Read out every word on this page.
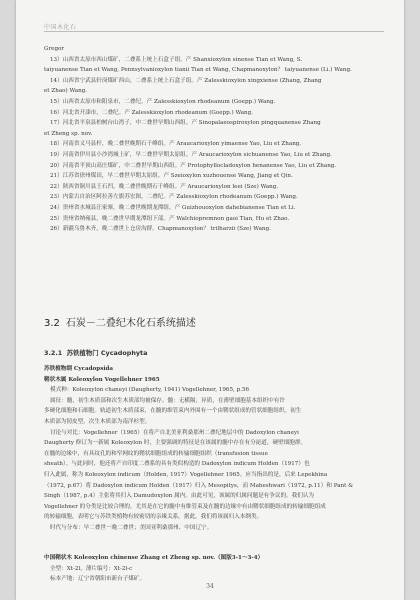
中国木化石
Gregor
13）山西省太原市西山煤矿，二叠系上统上石盒子组。产 Shanxioxylon sinense Tian et Wang, S.
taiyuanense Tian et Wang, Pennsylvanioxylon tianii Tian et Wang, Chapmanoxylon？ taiyuanense (Li.) Wang.
14）山西省宁武县轩岗煤矿西山，二叠系上统上石盒子组。产 Zalesskioxylon xingxiense (Zhang, Zhang
et Zhao) Wang.
15）山西省太原市和阳泉市，二叠纪。产 Zalesskioxylon rhodeanum (Goepp.) Wang.
16）河北省开滦市，二叠纪。产 Zalesskioxylon rhodeanum (Goepp.) Wang.
17）河北省平泉县柏树台山湾子，中二叠世早期山西组。产 Sinopalaeospiroxylon pingquanense Zhang
et Zheng sp. nov.
18）河南省义马县杆，晚二叠世晚期石千峰组。产 Araucarioxylon yimaense Yao, Liu et Zhang.
19）河南省伊川县小沙湾城上矿，早二叠世早期太原组。产 Araucarioxylon sichuanense Yao, Liu et Zhang.
20）河南省平顶山高庄煤矿，中二叠世早期山西组。产 Protophyllocladoxylon henanense Yao, Liu et Zhang.
21）江苏省徐州煤田，早二叠世早期太原组。产 Szeioxylon xuzhouense Wang, Jiang et Qin.
22）陕西省铜川县王石凹，晚二叠世晚期石千峰组。产 Araucarioxylon leei (Sze) Wang.
23）内蒙古自治区阿拉善左旗苏宏图，二叠纪。产 Zalesskioxylon rhodeanum (Goepp.) Wang.
24）贵州省水城县汪家寨，晚二叠世晚期龙潭组。产 Guizhouoxylon dahebianense Tian et Li.
25）贵州省纳雍县，晚二叠世早期龙潭组下部。产 Walchiopremnon gaoi Tian, Hu et Zhao.
26）新疆乌鲁木齐，晚二叠世上仓房沟群。Chapmanoxylon？ trilharzii (Sze) Wang.
3.2 石炭－二叠纪木化石系统描述
3.2.1 苏铁植物门 Cycadophyta
苏铁植物纲 Cycadopsida
鞘状木属 Koleoxylon Vogellehner 1965
模式种：Koleoxylon chaneyi (Daugherty, 1941) Vogellehner, 1965, p.56
属征：髓，初生木质部和次生木质部均被保存。髓：无横隔，异质，在薄壁细胞基本组织中有许
多硬化细胞和石细胞。轨道初生木质部束，在髓的维管束内外围有一个由鞘状组成的管状细胞组织。初生
木质部为韧皮型，次生木质部为南洋杉型。
讨论与对比：Vogellehner（1965）在将产自北美亚利桑那州二叠纪地层中的 Dadoxylon chaneyi
Daugherty 修订为一新属 Koleoxylon 时，主要强调的特征是在该属的髓中存在有分泌道，硬壁细胞群。
在髓的边缘中，有具纹孔的和窄网纹的鞘状细胞组成的转输细胞组织（transfusion tissue
sheath）。与此同时，他还将产自印度二叠系的具有类似构造的 Dadoxylon indicum Holden（1917）也
归入此属，称为 Koleoxylon indicum（Holden, 1917）Vogellehner 1965。应当指出的是，后来 Lepekhina
（1972, p.67）将 Dadoxylon indicum Holden（1917）归入 Mesopitys，而 Maheshwari（1972, p.11）和 Pant &
Singh（1987, p.4）主张将其归入 Damudoxylon 属内。由此可见，该属的归属问题是有争议的。我们认为
Vogellehner 的分类是比较合理的，尤其是在它的髓中有维管束及在髓的边缘中有由鞘状细胞组成的转输细胞组成
的转输细胞，表明它与苏铁类植物有较密切的亲缘关系。据此，我们将该属归入本纲类。
时代与分布：早二叠世－晚二叠世；美国亚利桑那州、中国辽宁。
中国鞘状木 Koleoxylon chinense Zhang et Zheng sp. nov.（图版3-1～3-4）
全型：Xt-2l，薄片编号：Xt-2l-c
标本产地：辽宁省朝阳市新台子煤矿。
34
